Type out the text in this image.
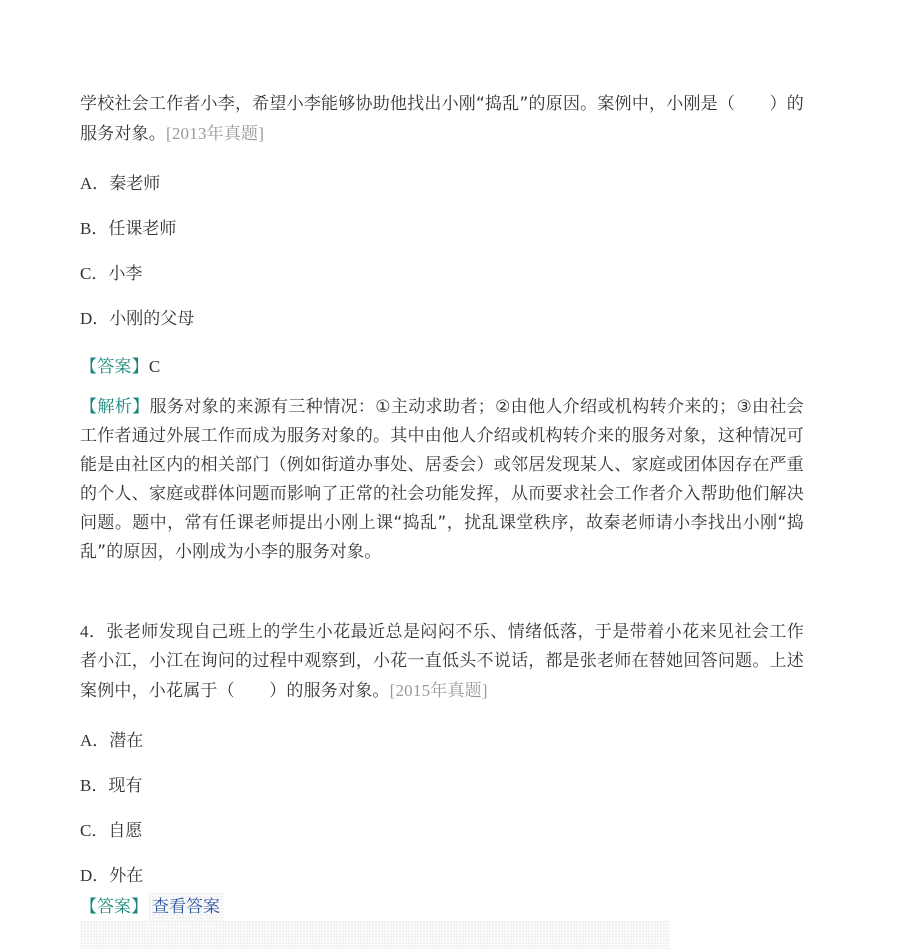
学校社会工作者小李，希望小李能够协助他找出小刚“捣乱”的原因。案例中，小刚是（　　）的服务对象。[2013年真题]

A．秦老师

B．任课老师

C．小李

D．小刚的父母

【答案】C

【解析】服务对象的来源有三种情况：①主动求助者；②由他人介绍或机构转介来的；③由社会工作者通过外展工作而成为服务对象的。其中由他人介绍或机构转介来的服务对象，这种情况可能是由社区内的相关部门（例如街道办事处、居委会）或邻居发现某人、家庭或团体因存在严重的个人、家庭或群体问题而影响了正常的社会功能发挥，从而要求社会工作者介入帮助他们解决问题。题中，常有任课老师提出小刚上课“捣乱”，扰乱课堂秩序，故秦老师请小李找出小刚“捣乱”的原因，小刚成为小李的服务对象。

4．张老师发现自己班上的学生小花最近总是闷闷不乐、情绪低落，于是带着小花来见社会工作者小江，小江在询问的过程中观察到，小花一直低头不说话，都是张老师在替她回答问题。上述案例中，小花属于（　　）的服务对象。[2015年真题]

A．潜在

B．现有

C．自愿

D．外在

【答案】 查看答案
